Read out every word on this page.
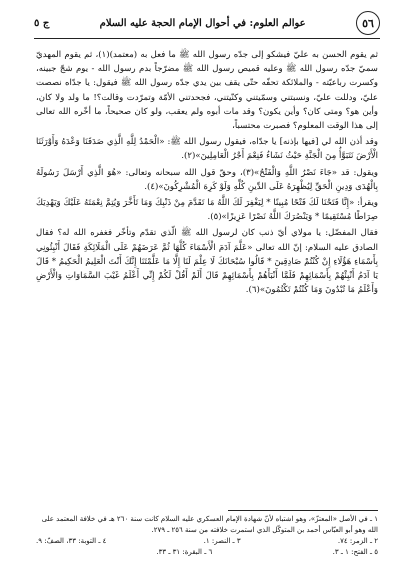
٥٦
عوالم العلوم: في أحوال الإمام الحجة عليه السلام
ج ٥

ثم يقوم الحسن به عليّ فيشكو إلى جدّه رسول الله ﷺ ما فعل به (معتمد)(١)، ثم يقوم المهديّ سميّ جدّه رسول الله ﷺ وعليه قميص رسول الله ﷺ مضرّجاً بدم رسول الله - يوم شجّ جبينه، وكسرت رباعيّته - والملائكة تحفّه حتّى يقف بين يدي جدّه رسول الله ﷺ فيقول: يا جدّاه نصصت عليّ، ودللت عليّ، ونسبتني وسمّيتني وكنّيتني، فجحدتني الأمّة وتمرّدت وقالت؟! ما ولد ولا كان، وأين هو؟ ومتى كان؟ وأين يكون؟ وقد مات أبوه ولم يعقب، ولو كان صحيحاً، ما أخّره الله تعالى إلى هذا الوقت المعلوم؟ فصبرت محتسباً،

وقد أذن الله لي [فيها بإذنه] يا جدّاه، فيقول رسول الله ﷺ: «الْحَمْدُ لِلَّهِ الَّذِي صَدَقَنَا وَعْدَهُ وَأَوْرَثَنَا الْأَرْضَ نَتَبَوَّأُ مِنَ الْجَنَّةِ حَيْثُ نَشَاءُ فَنِعْمَ أَجْرُ الْعَامِلِينَ»(٢).

ويقول: قد «جَاءَ نَصْرُ اللَّهِ وَالْفَتْحُ»(٣)، وحقّ قول الله سبحانه وتعالى: «هُوَ الَّذِي أَرْسَلَ رَسُولَهُ بِالْهُدَى وَدِينِ الْحَقِّ لِيُظْهِرَهُ عَلَى الدِّينِ كُلِّهِ وَلَوْ كَرِهَ الْمُشْرِكُونَ»(٤).

ويقرأ: «إِنَّا فَتَحْنَا لَكَ فَتْحًا مُبِينًا * لِيَغْفِرَ لَكَ اللَّهُ مَا تَقَدَّمَ مِنْ ذَنْبِكَ وَمَا تَأَخَّرَ وَيُتِمَّ نِعْمَتَهُ عَلَيْكَ وَيَهْدِيَكَ صِرَاطًا مُسْتَقِيمًا * وَيَنْصُرَكَ اللَّهُ نَصْرًا عَزِيزًا»(٥).

فقال المفضّل: يا مولاي أيّ ذنب كان لرسول الله ﷺ الّذي تقدّم وتأخّر فغفره الله له؟ فقال الصادق عليه السلام: إنّ الله تعالى «عَلَّمَ آدَمَ الْأَسْمَاءَ كُلَّهَا ثُمَّ عَرَضَهُمْ عَلَى الْمَلَائِكَةِ فَقَالَ أَنْبِئُونِي بِأَسْمَاءِ هَؤُلَاءِ إِنْ كُنْتُمْ صَادِقِينَ * قَالُوا سُبْحَانَكَ لَا عِلْمَ لَنَا إِلَّا مَا عَلَّمْتَنَا إِنَّكَ أَنْتَ الْعَلِيمُ الْحَكِيمُ * قَالَ يَا آدَمُ أَنْبِئْهُمْ بِأَسْمَائِهِمْ فَلَمَّا أَنْبَأَهُمْ بِأَسْمَائِهِمْ قَالَ أَلَمْ أَقُلْ لَكُمْ إِنِّي أَعْلَمُ غَيْبَ السَّمَاوَاتِ وَالْأَرْضِ وَأَعْلَمُ مَا تُبْدُونَ وَمَا كُنْتُمْ تَكْتُمُونَ»(٦).

١ ـ في الأصل «المعتزّ»، وهو اشتباه لأنّ شهادة الإمام العسكري عليه السلام كانت سنة ٢٦٠ هـ في خلافة المعتمد على الله وهو أبو العبّاس أحمد بن المتوكّل الذي استمرت خلافته من سنة ٢٥٦ ـ ٢٧٩.
٢ ـ الزمر: ٧٤.
٣ ـ النصر: ١.
٤ ـ التوبة: ٣٣، الصفّ: ٩.
٥ ـ الفتح: ١ ـ ٣.
٦ ـ البقرة: ٣١ ـ ٣٣.
